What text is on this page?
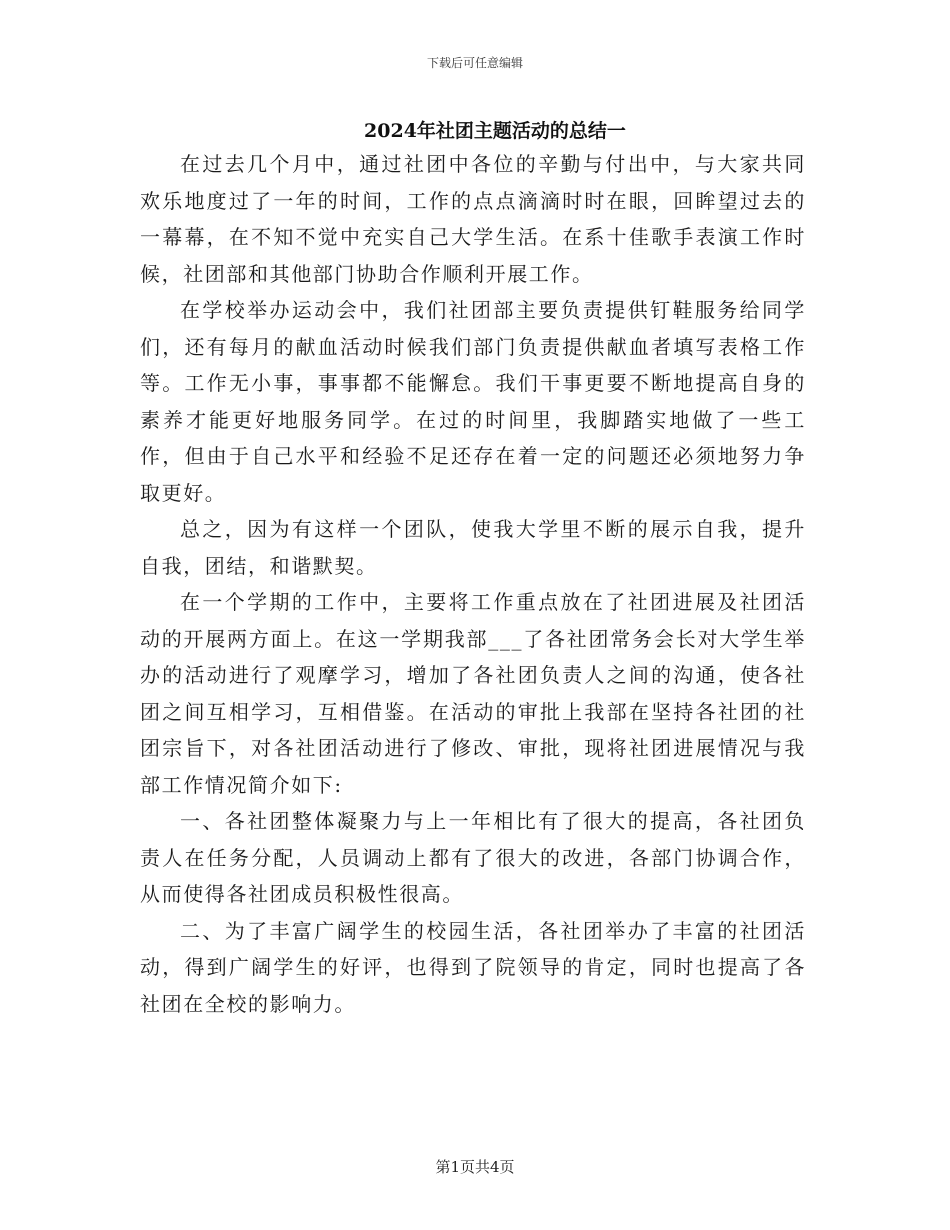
下载后可任意编辑
2024年社团主题活动的总结一

在过去几个月中，通过社团中各位的辛勤与付出中，与大家共同欢乐地度过了一年的时间，工作的点点滴滴时时在眼，回眸望过去的一幕幕，在不知不觉中充实自己大学生活。在系十佳歌手表演工作时候，社团部和其他部门协助合作顺利开展工作。

在学校举办运动会中，我们社团部主要负责提供钉鞋服务给同学们，还有每月的献血活动时候我们部门负责提供献血者填写表格工作等。工作无小事，事事都不能懈怠。我们干事更要不断地提高自身的素养才能更好地服务同学。在过的时间里，我脚踏实地做了一些工作，但由于自己水平和经验不足还存在着一定的问题还必须地努力争取更好。

总之，因为有这样一个团队，使我大学里不断的展示自我，提升自我，团结，和谐默契。

在一个学期的工作中，主要将工作重点放在了社团进展及社团活动的开展两方面上。在这一学期我部___了各社团常务会长对大学生举办的活动进行了观摩学习，增加了各社团负责人之间的沟通，使各社团之间互相学习，互相借鉴。在活动的审批上我部在坚持各社团的社团宗旨下，对各社团活动进行了修改、审批，现将社团进展情况与我部工作情况简介如下:

一、各社团整体凝聚力与上一年相比有了很大的提高，各社团负责人在任务分配，人员调动上都有了很大的改进，各部门协调合作，从而使得各社团成员积极性很高。

二、为了丰富广阔学生的校园生活，各社团举办了丰富的社团活动，得到广阔学生的好评，也得到了院领导的肯定，同时也提高了各社团在全校的影响力。

第1页共4页
